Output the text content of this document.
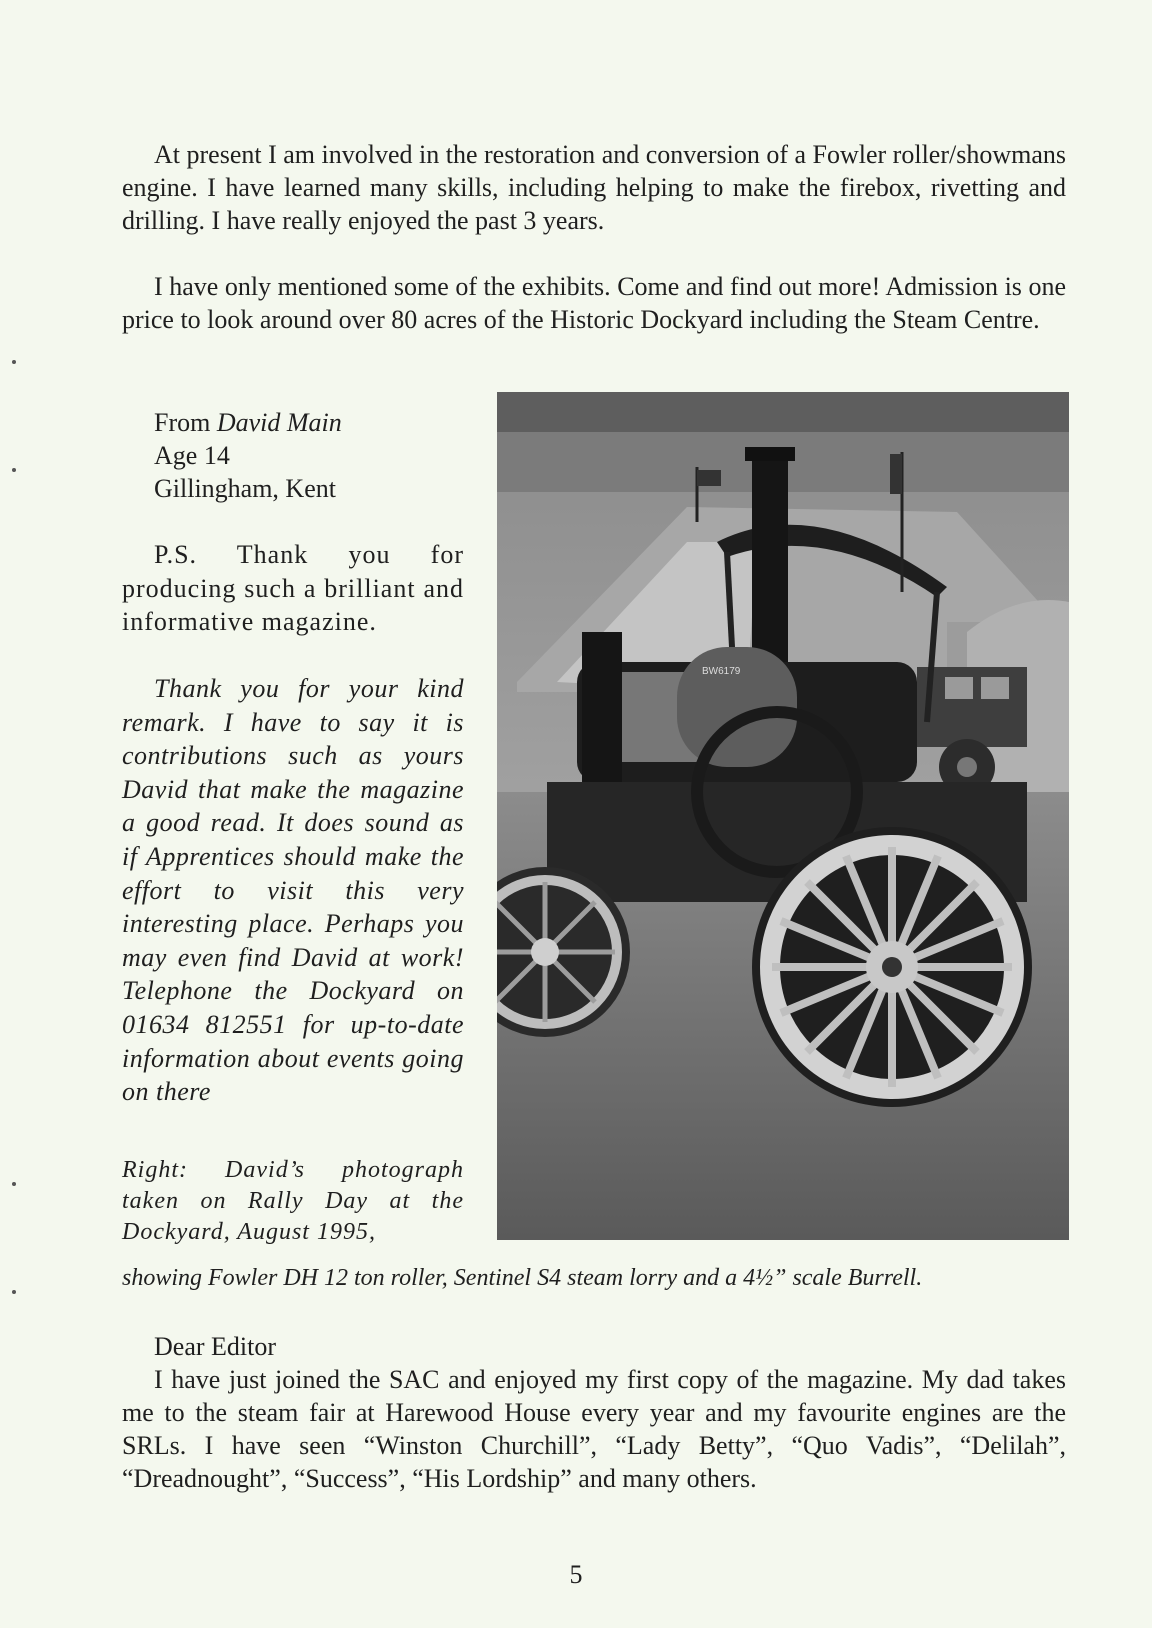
At present I am involved in the restoration and conversion of a Fowler roller/showmans engine. I have learned many skills, including helping to make the firebox, rivetting and drilling. I have really enjoyed the past 3 years.

I have only mentioned some of the exhibits. Come and find out more! Admission is one price to look around over 80 acres of the Historic Dockyard including the Steam Centre.

From David Main
Age 14
Gillingham, Kent

P.S. Thank you for producing such a brilliant and informative magazine.

Thank you for your kind remark. I have to say it is contributions such as yours David that make the magazine a good read. It does sound as if Apprentices should make the effort to visit this very interesting place. Perhaps you may even find David at work! Telephone the Dockyard on 01634 812551 for up-to-date information about events going on there

BW6179

Right: David’s photograph taken on Rally Day at the Dockyard, August 1995,

showing Fowler DH 12 ton roller, Sentinel S4 steam lorry and a 4½” scale Burrell.

Dear Editor

I have just joined the SAC and enjoyed my first copy of the magazine. My dad takes me to the steam fair at Harewood House every year and my favourite engines are the SRLs. I have seen “Winston Churchill”, “Lady Betty”, “Quo Vadis”, “Delilah”, “Dreadnought”, “Success”, “His Lordship” and many others.

5
